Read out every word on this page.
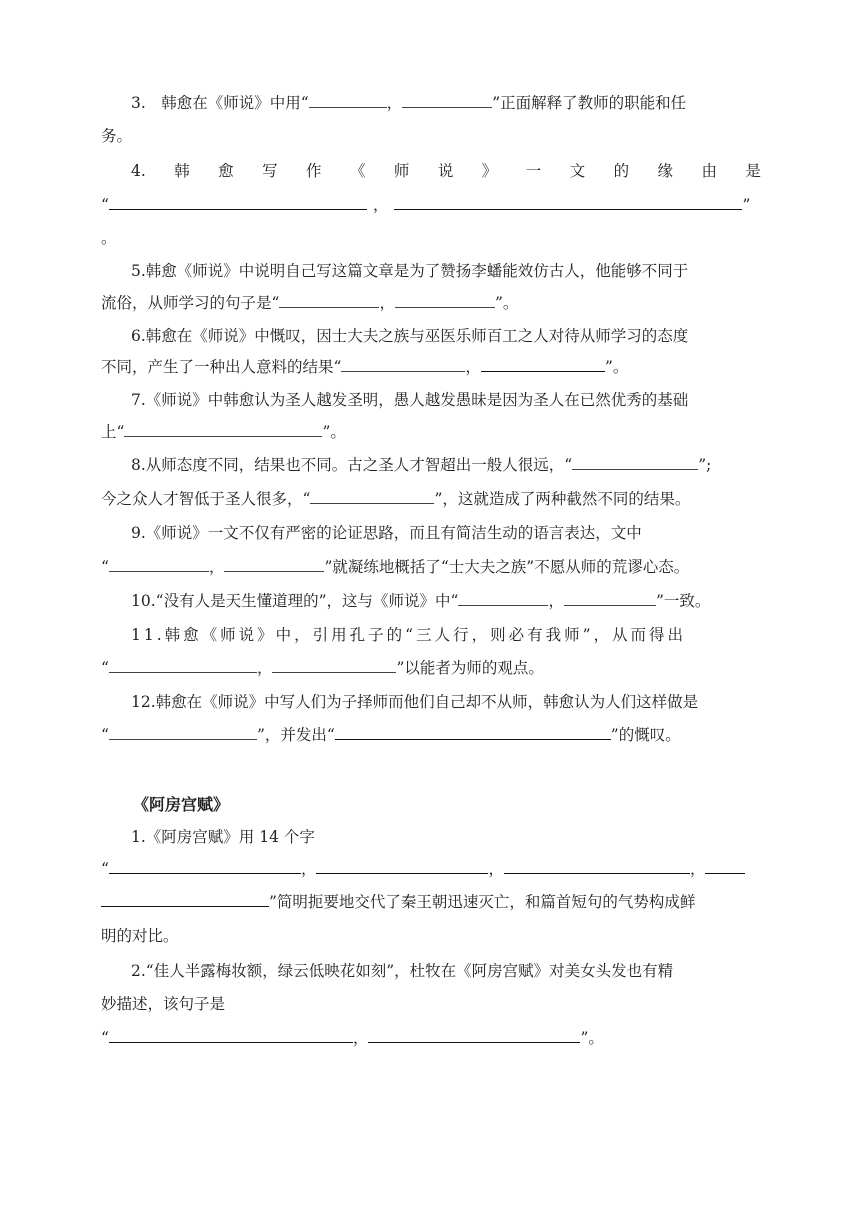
3.　韩愈在《师说》中用“	，	”正面解释了教师的职能和任
务。
4. 韩 愈 写 作 《 师 说 》 一 文 的 缘 由 是
“	，	”
。
5.韩愈《师说》中说明自己写这篇文章是为了赞扬李蟠能效仿古人，他能够不同于
流俗，从师学习的句子是“	，	”。
6.韩愈在《师说》中慨叹，因士大夫之族与巫医乐师百工之人对待从师学习的态度
不同，产生了一种出人意料的结果“	，	”。
7.《师说》中韩愈认为圣人越发圣明，愚人越发愚昧是因为圣人在已然优秀的基础
上“	”。
8.从师态度不同，结果也不同。古之圣人才智超出一般人很远，“	”;
今之众人才智低于圣人很多，“	”，这就造成了两种截然不同的结果。
9.《师说》一文不仅有严密的论证思路，而且有简洁生动的语言表达，文中
“	，	”就凝练地概括了“士大夫之族”不愿从师的荒谬心态。
10.“没有人是天生懂道理的”，这与《师说》中“	，	”一致。
11.韩愈《师说》中，引用孔子的“三人行，则必有我师”，从而得出
“	，	”以能者为师的观点。
12.韩愈在《师说》中写人们为子择师而他们自己却不从师，韩愈认为人们这样做是
“	”，并发出“	”的慨叹。
《阿房宫赋》
1.《阿房宫赋》用 14 个字
“	，	，	，
”简明扼要地交代了秦王朝迅速灭亡，和篇首短句的气势构成鲜
明的对比。
2.“佳人半露梅妆额，绿云低映花如刻”，杜牧在《阿房宫赋》对美女头发也有精
妙描述，该句子是
“	，	”。
